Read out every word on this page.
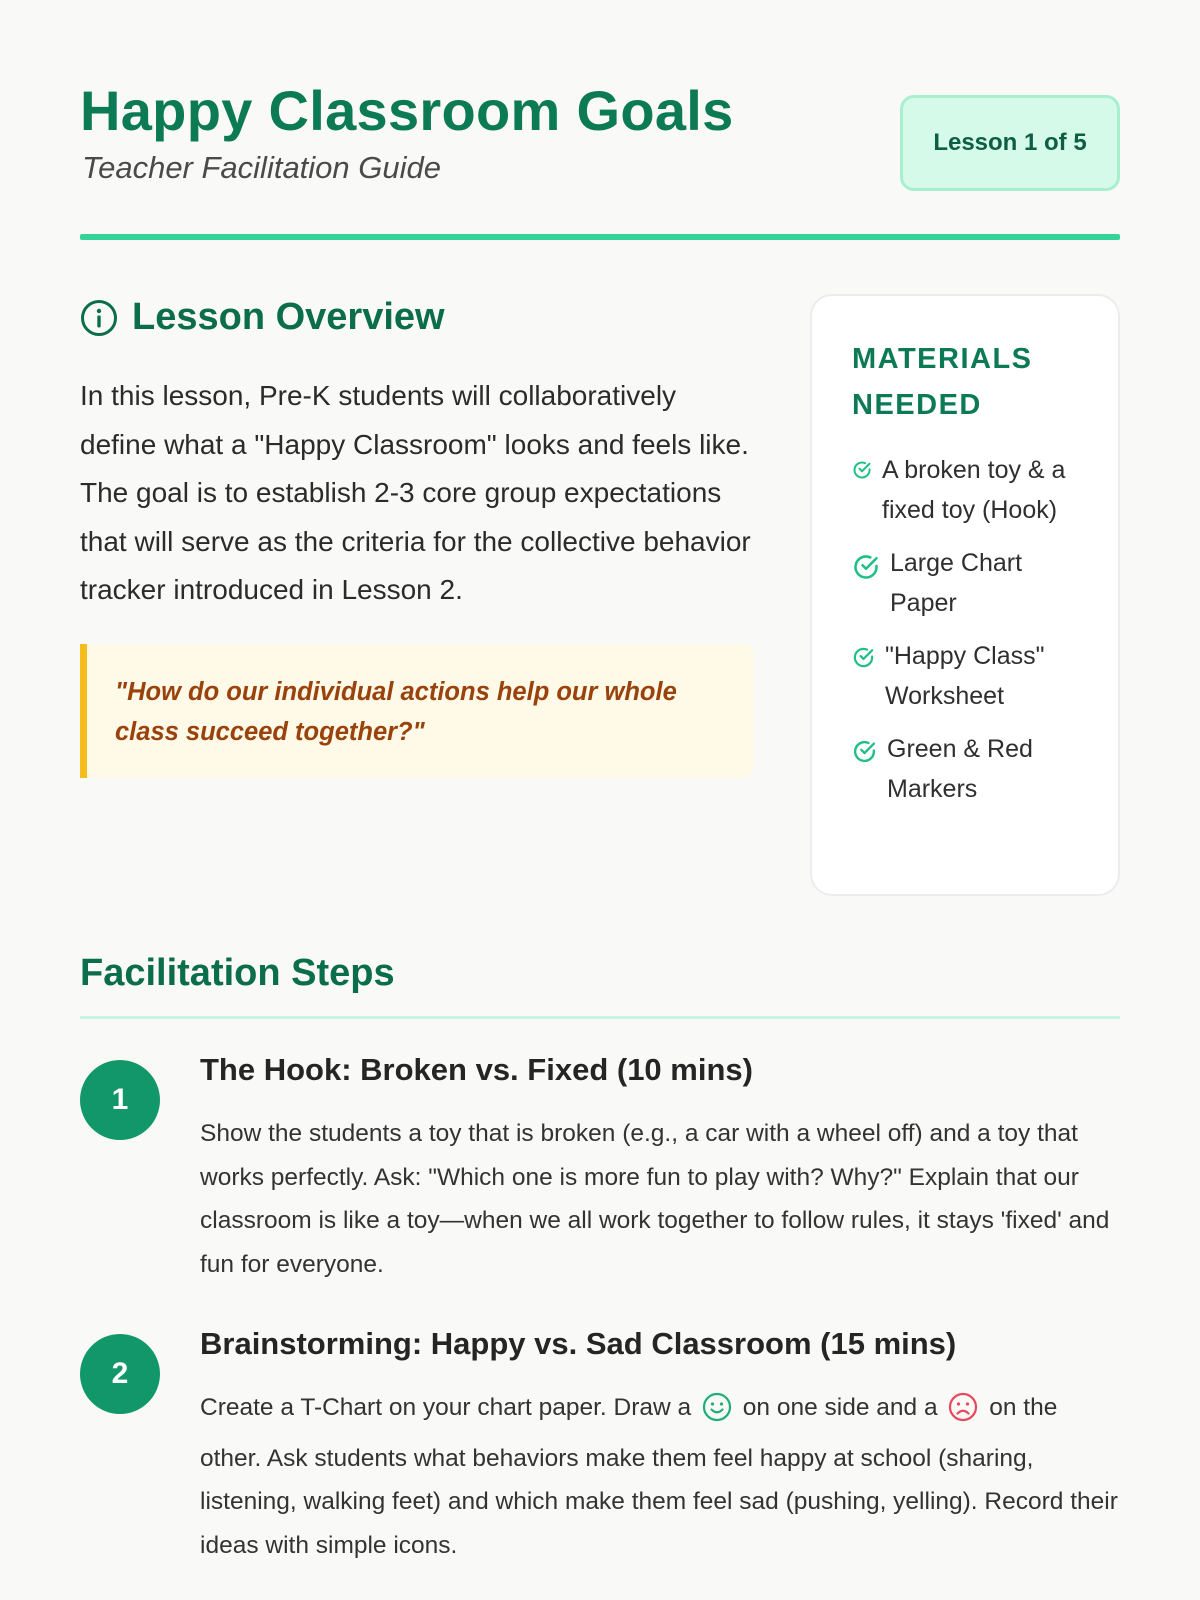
Happy Classroom Goals

Teacher Facilitation Guide

Lesson 1 of 5
Lesson Overview

In this lesson, Pre-K students will collaboratively define what a "Happy Classroom" looks and feels like. The goal is to establish 2-3 core group expectations that will serve as the criteria for the collective behavior tracker introduced in Lesson 2.

"How do our individual actions help our whole class succeed together?"
MATERIALS NEEDED
A broken toy & a fixed toy (Hook)
Large Chart Paper
"Happy Class" Worksheet
Green & Red Markers
Facilitation Steps
1
The Hook: Broken vs. Fixed (10 mins)

Show the students a toy that is broken (e.g., a car with a wheel off) and a toy that works perfectly. Ask: "Which one is more fun to play with? Why?" Explain that our classroom is like a toy—when we all work together to follow rules, it stays 'fixed' and fun for everyone.

2
Brainstorming: Happy vs. Sad Classroom (15 mins)

Create a T-Chart on your chart paper. Draw a  on one side and a  on the other. Ask students what behaviors make them feel happy at school (sharing, listening, walking feet) and which make them feel sad (pushing, yelling). Record their ideas with simple icons.
